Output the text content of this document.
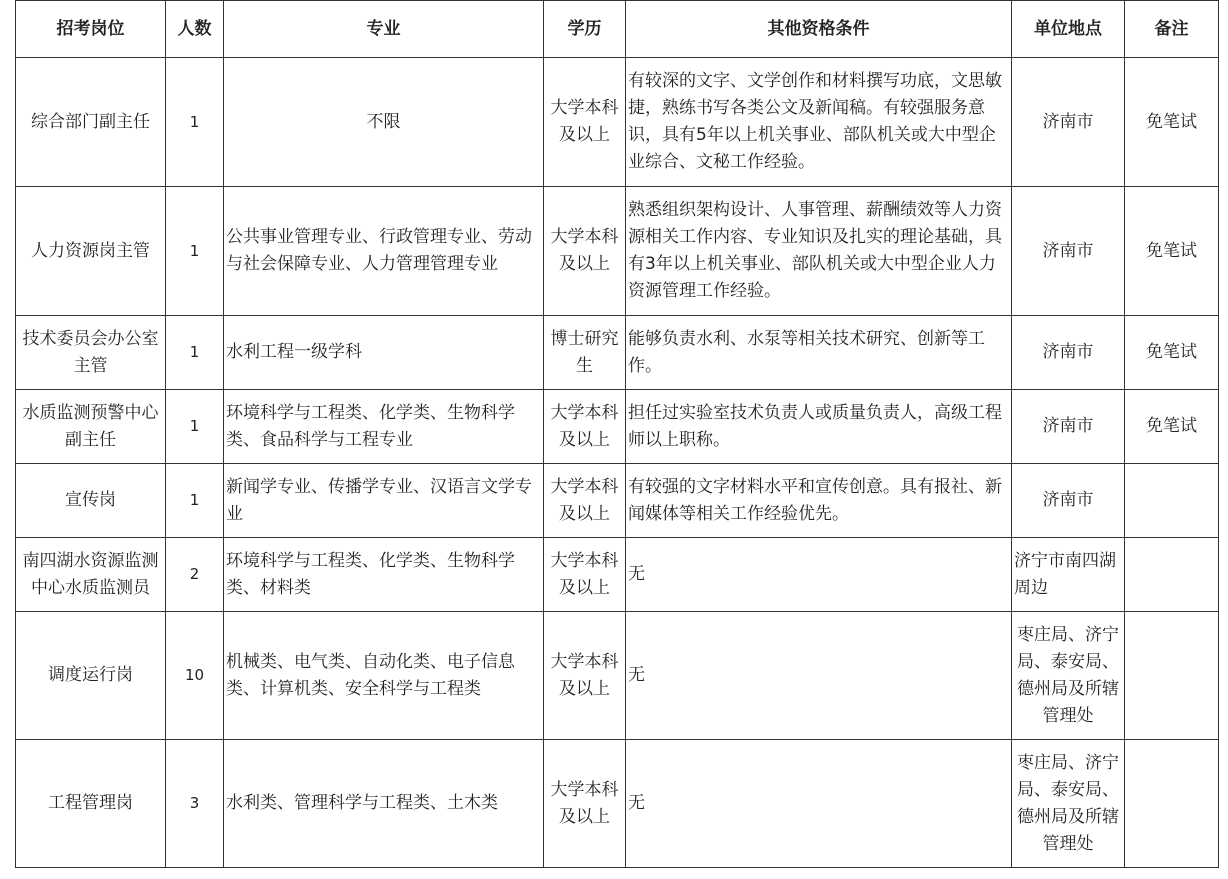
招考岗位	人数	专业	学历	其他资格条件	单位地点	备注
综合部门副主任	1	不限	大学本科及以上	有较深的文字、文学创作和材料撰写功底，文思敏捷，熟练书写各类公文及新闻稿。有较强服务意识，具有5年以上机关事业、部队机关或大中型企业综合、文秘工作经验。	济南市	免笔试
人力资源岗主管	1	公共事业管理专业、行政管理专业、劳动与社会保障专业、人力管理管理专业	大学本科及以上	熟悉组织架构设计、人事管理、薪酬绩效等人力资源相关工作内容、专业知识及扎实的理论基础，具有3年以上机关事业、部队机关或大中型企业人力资源管理工作经验。	济南市	免笔试
技术委员会办公室主管	1	水利工程一级学科	博士研究生	能够负责水利、水泵等相关技术研究、创新等工作。	济南市	免笔试
水质监测预警中心副主任	1	环境科学与工程类、化学类、生物科学类、食品科学与工程专业	大学本科及以上	担任过实验室技术负责人或质量负责人，高级工程师以上职称。	济南市	免笔试
宣传岗	1	新闻学专业、传播学专业、汉语言文学专业	大学本科及以上	有较强的文字材料水平和宣传创意。具有报社、新闻媒体等相关工作经验优先。	济南市	
南四湖水资源监测中心水质监测员	2	环境科学与工程类、化学类、生物科学类、材料类	大学本科及以上	无	济宁市南四湖周边	
调度运行岗	10	机械类、电气类、自动化类、电子信息类、计算机类、安全科学与工程类	大学本科及以上	无	枣庄局、济宁局、泰安局、德州局及所辖管理处	
工程管理岗	3	水利类、管理科学与工程类、土木类	大学本科及以上	无	枣庄局、济宁局、泰安局、德州局及所辖管理处	
